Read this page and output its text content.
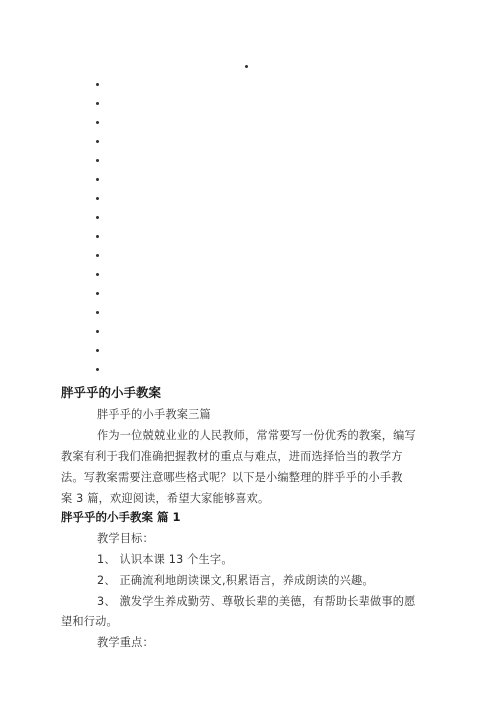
胖乎乎的小手教案
胖乎乎的小手教案三篇
作为一位兢兢业业的人民教师，常常要写一份优秀的教案，编写
教案有利于我们准确把握教材的重点与难点，进而选择恰当的教学方
法。写教案需要注意哪些格式呢？以下是小编整理的胖乎乎的小手教
案 3 篇，欢迎阅读，希望大家能够喜欢。
胖乎乎的小手教案 篇 1
教学目标：
1、 认识本课 13 个生字。
2、 正确流利地朗读课文,积累语言，养成朗读的兴趣。
3、 激发学生养成勤劳、尊敬长辈的美德，有帮助长辈做事的愿
望和行动。
教学重点：
